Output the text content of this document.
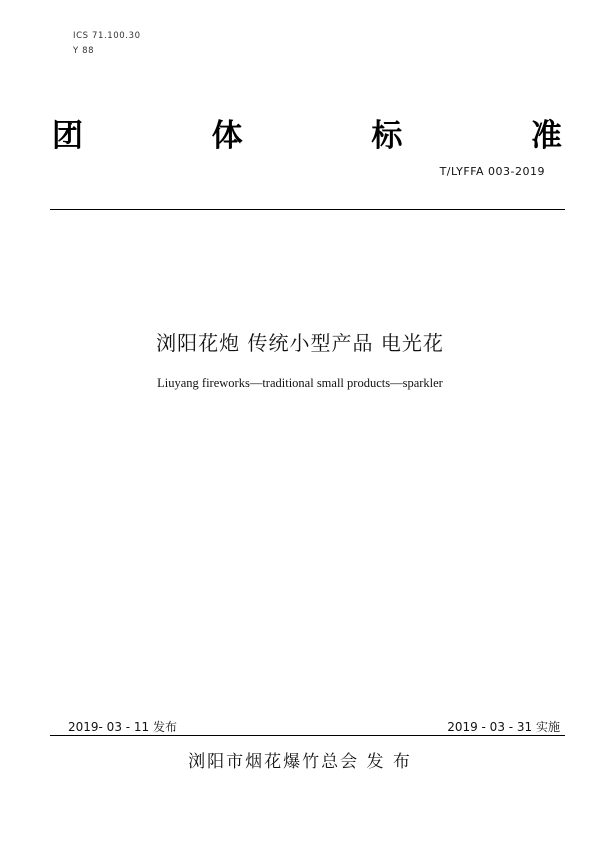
ICS 71.100.30
Y 88
团	体	标	准
T/LYFFA 003-2019
浏阳花炮 传统小型产品 电光花
Liuyang fireworks—traditional small products—sparkler
2019- 03 - 11 发布	2019 - 03 - 31 实施
浏阳市烟花爆竹总会 发 布
